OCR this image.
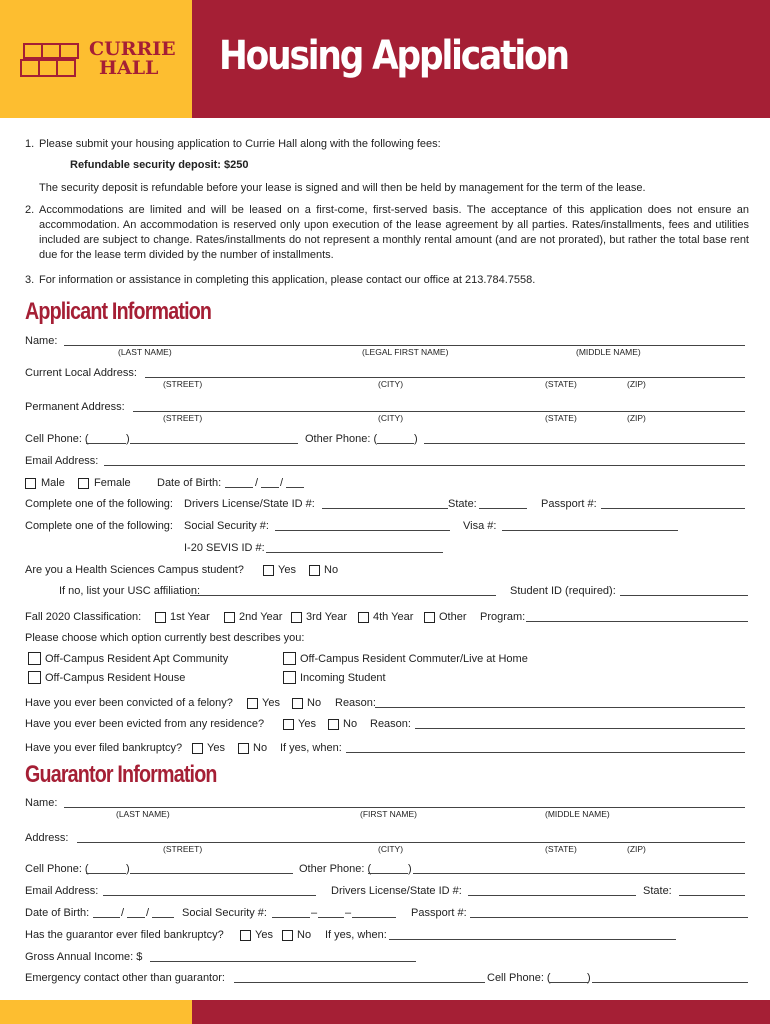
CURRIE
HALL	Housing Application
1. Please submit your housing application to Currie Hall along with the following fees:
Refundable security deposit: $250
The security deposit is refundable before your lease is signed and will then be held by management for the term of the lease.
2. Accommodations are limited and will be leased on a first-come, first-served basis. The acceptance of this application does not ensure an accommodation. An accommodation is reserved only upon execution of the lease agreement by all parties. Rates/installments, fees and utilities included are subject to change. Rates/installments do not represent a monthly rental amount (and are not prorated), but rather the total base rent due for the lease term divided by the number of installments.
3. For information or assistance in completing this application, please contact our office at 213.784.7558.
Applicant Information
Name:
(LAST NAME)	(LEGAL FIRST NAME)	(MIDDLE NAME)
Current Local Address:
(STREET)	(CITY)	(STATE)	(ZIP)
Permanent Address:
(STREET)	(CITY)	(STATE)	(ZIP)
Cell Phone: (	)	Other Phone: (	)
Email Address:
Male	Female Date of Birth:	/ /
Complete one of the following: Drivers License/State ID #:	State:	Passport #:
Complete one of the following: Social Security #:	Visa #:
I-20 SEVIS ID #:
Are you a Health Sciences Campus student?	Yes	No
If no, list your USC affiliation:	Student ID (required):
Fall 2020 Classification:	1st Year	2nd Year 3rd Year 4th Year Other Program:
Please choose which option currently best describes you:
Off-Campus Resident Apt Community	Off-Campus Resident Commuter/Live at Home
Off-Campus Resident House	Incoming Student
Have you ever been convicted of a felony?	Yes No Reason:
Have you ever been evicted from any residence?	Yes No Reason:
Have you ever filed bankruptcy? Yes	No If yes, when:
Guarantor Information
Name:
(LAST NAME)	(FIRST NAME)	(MIDDLE NAME)
Address:
(STREET)	(CITY)	(STATE)	(ZIP)
Cell Phone: (	)	Other Phone: (	)
Email Address:	Drivers License/State ID #:	State:
Date of Birth:	/ /	Social Security #:	–	–	Passport #:
Has the guarantor ever filed bankruptcy?	Yes No If yes, when:
Gross Annual Income: $
Emergency contact other than guarantor:	Cell Phone: (	)
